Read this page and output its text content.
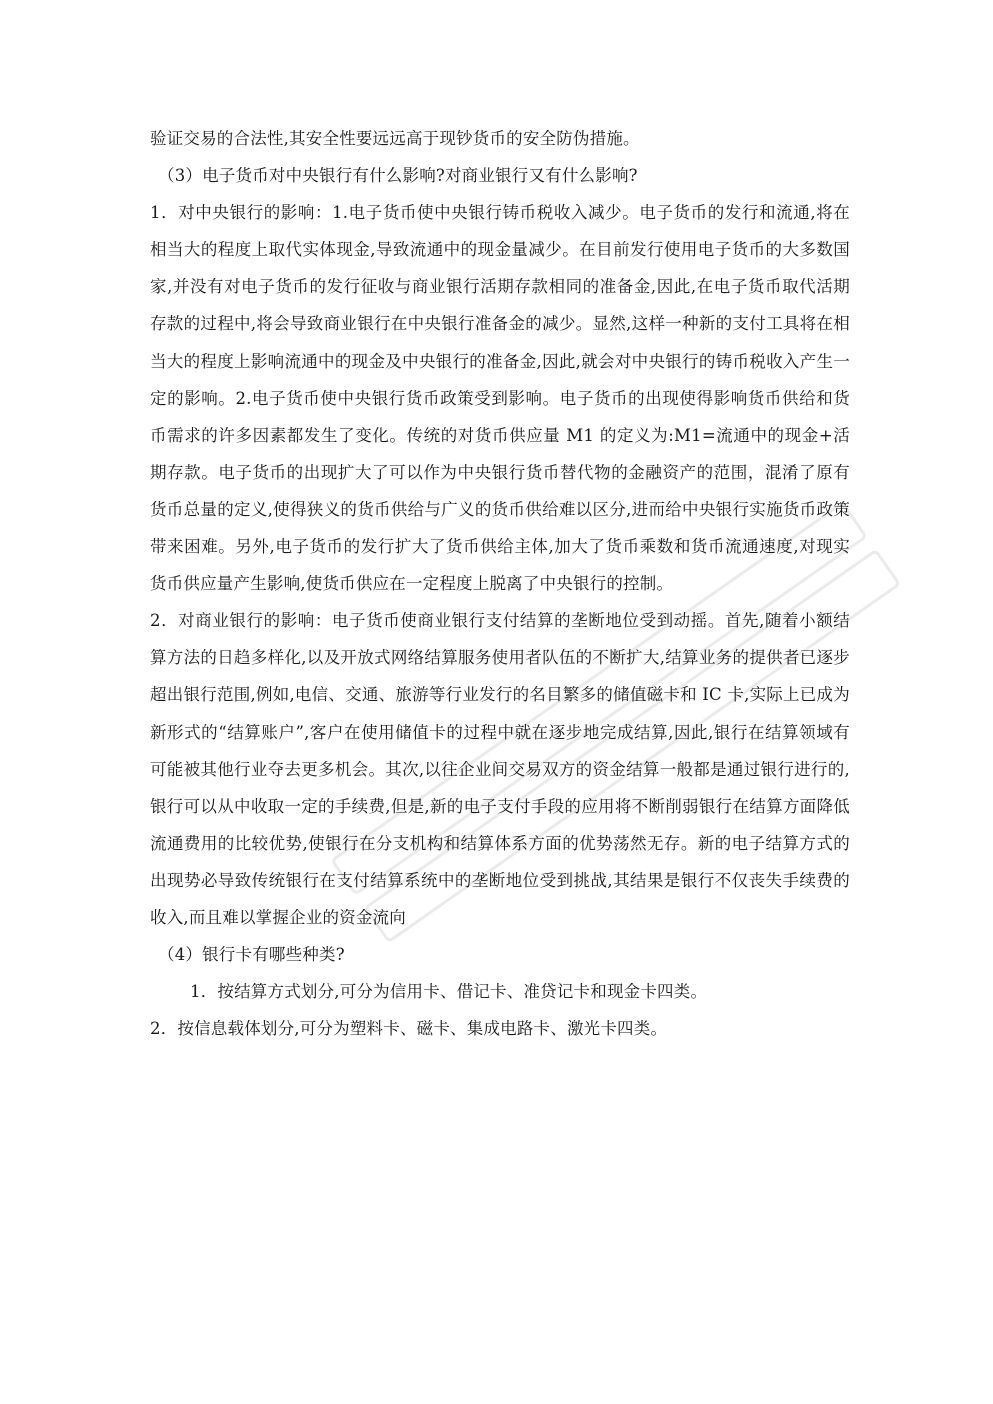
验证交易的合法性,其安全性要远远高于现钞货币的安全防伪措施。

（3）电子货币对中央银行有什么影响?对商业银行又有什么影响?

1．对中央银行的影响：1.电子货币使中央银行铸币税收入减少。电子货币的发行和流通,将在相当大的程度上取代实体现金,导致流通中的现金量减少。在目前发行使用电子货币的大多数国家,并没有对电子货币的发行征收与商业银行活期存款相同的准备金,因此,在电子货币取代活期存款的过程中,将会导致商业银行在中央银行准备金的减少。显然,这样一种新的支付工具将在相当大的程度上影响流通中的现金及中央银行的准备金,因此,就会对中央银行的铸币税收入产生一定的影响。2.电子货币使中央银行货币政策受到影响。电子货币的出现使得影响货币供给和货币需求的许多因素都发生了变化。传统的对货币供应量 M1 的定义为:M1=流通中的现金+活期存款。电子货币的出现扩大了可以作为中央银行货币替代物的金融资产的范围，混淆了原有货币总量的定义,使得狭义的货币供给与广义的货币供给难以区分,进而给中央银行实施货币政策带来困难。另外,电子货币的发行扩大了货币供给主体,加大了货币乘数和货币流通速度,对现实货币供应量产生影响,使货币供应在一定程度上脱离了中央银行的控制。

2．对商业银行的影响：电子货币使商业银行支付结算的垄断地位受到动摇。首先,随着小额结算方法的日趋多样化,以及开放式网络结算服务使用者队伍的不断扩大,结算业务的提供者已逐步超出银行范围,例如,电信、交通、旅游等行业发行的名目繁多的储值磁卡和 IC 卡,实际上已成为新形式的“结算账户”,客户在使用储值卡的过程中就在逐步地完成结算,因此,银行在结算领域有可能被其他行业夺去更多机会。其次,以往企业间交易双方的资金结算一般都是通过银行进行的,银行可以从中收取一定的手续费,但是,新的电子支付手段的应用将不断削弱银行在结算方面降低流通费用的比较优势,使银行在分支机构和结算体系方面的优势荡然无存。新的电子结算方式的出现势必导致传统银行在支付结算系统中的垄断地位受到挑战,其结果是银行不仅丧失手续费的收入,而且难以掌握企业的资金流向

（4）银行卡有哪些种类?

1．按结算方式划分,可分为信用卡、借记卡、准贷记卡和现金卡四类。

2．按信息载体划分,可分为塑料卡、磁卡、集成电路卡、激光卡四类。
